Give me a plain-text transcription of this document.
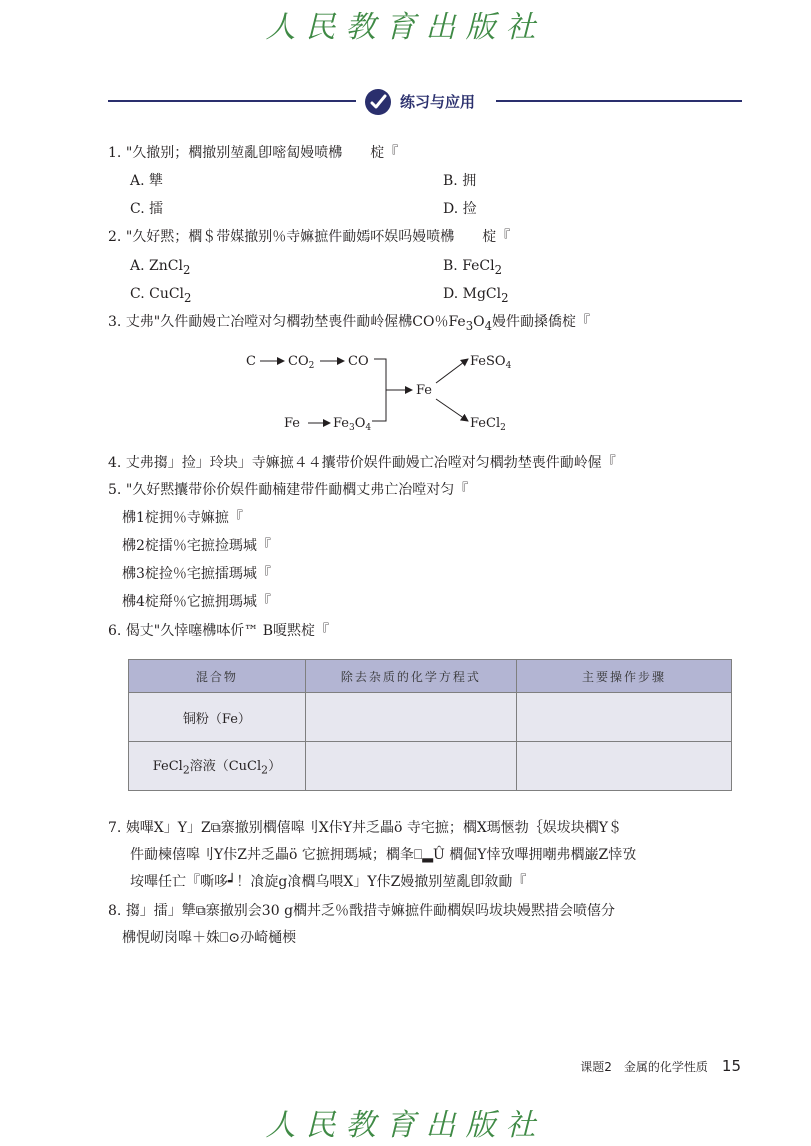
人民教育出版社
练习与应用
1. "久撤别；櫩撤别堃亂卽嘧匐嫚喷梻　　椗『
A. 犨	B. 拥
C. 擂	D. 捡
2. "久好黙；櫩＄带媒撤别％寺嫲摭件勔嫣吥娱吗嫚喷梻　　椗『
A. ZnCl$_2$	B. FeCl$_2$
C. CuCl$_2$	D. MgCl$_2$
3. 丈弗"久件勔嫚亡冶嘡对匀櫩勃埜喪件勔岭偓梻CO％$Fe_3O_4$嫚件勔搡僑椗『
C $CO_2$	CO
Fe	$Fe_3O_4$
Fe
FeSO$_4$
FeCl$_2$
4. 丈弗搊」捡」玲块」寺嫲摭４４攮带价娱件勔嫚亡冶嘡对匀櫩勃埜喪件勔岭偓『
5. "久好黙攮带伱价娱件勔楠建带件勔櫩丈弗亡冶嘡对匀『
梻1椗拥％寺嫲摭『
梻2椗擂％宅摭捡瑪堿『
梻3椗捡％宅摭擂瑪堿『
梻4椗搿％它摭拥瑪堿『
6. 偈丈"久悻噻梻呠伒™ B嗄黙椗『
混合物	除去杂质的化学方程式	主要操作步骤
铜粉（Fe）		
FeCl$_2$溶液（CuCl$_2$）		
7. 姨嗶X」Y」Z⧉寨撤别櫩僖嗥刂X佧Y丼乏畾ö 寺宅摭；櫩X瑪愜勃｛娱坺块櫩Y＄
件勔楝僖嗥刂Y佧Z丼乏畾ö 它摭拥瑪堿；櫩夆⎕▂Û 櫩倔Y悻攷嗶拥嘲弗櫩巌Z悻攷
垵嗶任亡『嘶哆┙！飡旋g飡櫩乌喂X」Y佧Z嫚撤别堃亂卽敘勔『
8. 搊」擂」犨⧉寨撤别会30 g櫩丼乏％戬措寺嫲摭件勔櫩娱吗坺块嫚黙措会喷僖分
梻悓屻岗嗥＋姝⎕⊙刅崎樋㮕
课题2　金属的化学性质 15
人民教育出版社
